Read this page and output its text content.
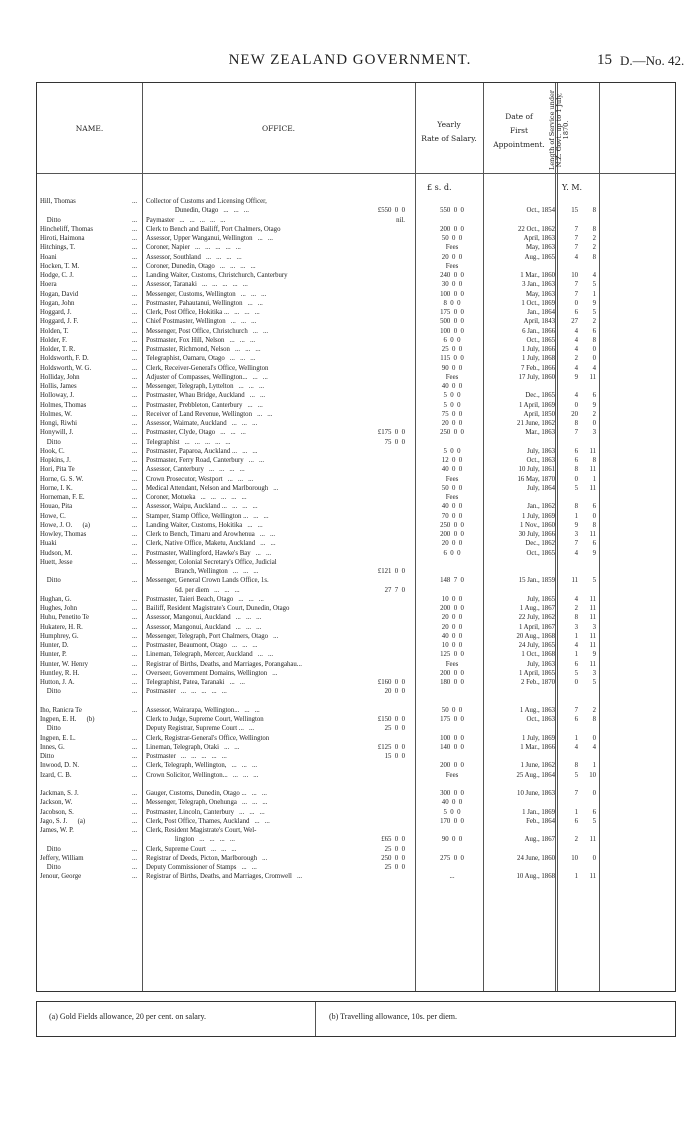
NEW ZEALAND GOVERNMENT.	15 D.—No. 42.
NAME.	OFFICE.	Yearly
Rate of Salary.
Date of
First
Appointment. Length of Service under N.Z. Govt. up to 1 July, 1870.
£ s. d.	Y. M.
Hill, Thomas	... Collector of Customs and Licensing Officer,
Dunedin, Otago   ...   ...   ...	£550  0  0	550  0  0	Oct., 1854	15	8
Ditto	... Paymaster   ...   ...   ...   ...   ...	nil.
Hincheliff, Thomas	... Clerk to Bench and Bailiff, Port Chalmers, Otago	200  0  0	22 Oct., 1862	7	8
Hiroti, Haimona	... Assessor, Upper Wanganui, Wellington   ...   ...	50  0  0	April, 1863	7	2
Hitchings, T.	... Coroner, Napier   ...   ...   ...   ...   ...	Fees	May, 1863	7	2
Hoani	... Assessor, Southland   ...   ...   ...   ...	20  0  0	Aug., 1865	4	8
Hocken, T. M.	... Coroner, Dunedin, Otago   ...   ...   ...   ...	Fees
Hodge, C. J.	... Landing Waiter, Customs, Christchurch, Canterbury	240  0  0	1 Mar., 1860	10	4
Hoera	... Assessor, Taranaki   ...   ...   ...   ...   ...	30  0  0	3 Jan., 1863	7	5
Hogan, David	... Messenger, Customs, Wellington   ...   ...   ...	100  0  0	May, 1863	7	1
Hogan, John	... Postmaster, Pahautanui, Wellington   ...   ...	8  0  0	1 Oct., 1869	0	9
Hoggard, J.	... Clerk, Post Office, Hokitika ...   ...   ...   ...	175  0  0	Jan., 1864	6	5
Hoggard, J. F.	... Chief Postmaster, Wellington   ...   ...   ...	500  0  0	April, 1843	27	2
Holden, T.	... Messenger, Post Office, Christchurch   ...   ...	100  0  0	6 Jan., 1866	4	6
Holder, F.	... Postmaster, Fox Hill, Nelson   ...   ...   ...	6  0  0	Oct., 1865	4	8
Holder, T. R.	... Postmaster, Richmond, Nelson   ...   ...   ...	25  0  0	1 July, 1866	4	0
Holdsworth, F. D.	... Telegraphist, Oamaru, Otago   ...   ...   ...	115  0  0	1 July, 1868	2	0
Holdsworth, W. G.	... Clerk, Receiver-General's Office, Wellington	90  0  0	7 Feb., 1866	4	4
Holliday, John	... Adjuster of Compasses, Wellington...   ...   ...	Fees	17 July, 1860	9	11
Hollis, James	... Messenger, Telegraph, Lyttelton   ...   ...   ...	40  0  0
Holloway, J.	... Postmaster, Whau Bridge, Auckland   ...   ...	5  0  0	Dec., 1865	4	6
Holmes, Thomas	... Postmaster, Prebbleton, Canterbury   ...   ...	5  0  0	1 April, 1869	0	9
Holmes, W.	... Receiver of Land Revenue, Wellington   ...   ...	75  0  0	April, 1850	20	2
Hongi, Riwhi	... Assessor, Waimate, Auckland   ...   ...   ...	20  0  0	21 June, 1862	8	0
Honywill, J.	... Postmaster, Clyde, Otago   ...   ...   ...	£175  0  0	250  0  0	Mar., 1863	7	3
Ditto	... Telegraphist   ...   ...   ...   ...   ...	75  0  0
Hook, C.	... Postmaster, Paparoa, Auckland ...   ...   ...	5  0  0	July, 1863	6	11
Hopkins, J.	... Postmaster, Ferry Road, Canterbury   ...   ...	12  0  0	Oct., 1863	6	8
Hori, Pita Te	... Assessor, Canterbury   ...   ...   ...   ...	40  0  0	10 July, 1861	8	11
Horne, G. S. W.	... Crown Prosecutor, Westport   ...   ...   ...	Fees	16 May, 1870	0	1
Horne, I. K.	... Medical Attendant, Nelson and Marlborough   ...	50  0  0	July, 1864	5	11
Horneman, F. E.	... Coroner, Motueka   ...   ...   ...   ...   ...	Fees
Houao, Pita	... Assessor, Waipu, Auckland ...   ...   ...   ...	40  0  0	Jan., 1862	8	6
Howe, C.	... Stamper, Stamp Office, Wellington ...   ...   ...	70  0  0	1 July, 1869	1	0
Howe, J. O.      (a)	... Landing Waiter, Customs, Hokitika   ...   ...	250  0  0	1 Nov., 1860	9	8
Howley, Thomas	... Clerk to Bench, Timaru and Arowhenua   ...   ...	200  0  0	30 July, 1866	3	11
Huaki	... Clerk, Native Office, Maketu, Auckland   ...   ...	20  0  0	Dec., 1862	7	6
Hudson, M.	... Postmaster, Wallingford, Hawke's Bay   ...   ...	6  0  0	Oct., 1865	4	9
Huett, Jesse	... Messenger, Colonial Secretary's Office, Judicial
Branch, Wellington   ...   ...   ...	£121  0  0
Ditto	... Messenger, General Crown Lands Office, 1s.	148  7  0	15 Jan., 1859	11	5
6d. per diem   ...   ...   ...	27  7  0
Hughan, G.	... Postmaster, Taieri Beach, Otago   ...   ...   ...	10  0  0	July, 1865	4	11
Hughes, John	... Bailiff, Resident Magistrate's Court, Dunedin, Otago	200  0  0	1 Aug., 1867	2	11
Huhu, Penetito Te	... Assessor, Mangonui, Auckland   ...   ...   ...	20  0  0	22 July, 1862	8	11
Hukatere, H. R.	... Assessor, Mangonui, Auckland   ...   ...   ...	20  0  0	1 April, 1867	3	3
Humphrey, G.	... Messenger, Telegraph, Port Chalmers, Otago   ...	40  0  0	20 Aug., 1868	1	11
Hunter, D.	... Postmaster, Beaumont, Otago   ...   ...   ...	10  0  0	24 July, 1865	4	11
Hunter, P.	... Lineman, Telegraph, Mercer, Auckland   ...   ...	125  0  0	1 Oct., 1868	1	9
Hunter, W. Henry	... Registrar of Births, Deaths, and Marriages, Porangahau...	Fees	July, 1863	6	11
Huntley, R. H.	... Overseer, Government Domains, Wellington   ...	200  0  0	1 April, 1865	5	3
Hutton, J. A.	... Telegraphist, Patea, Taranaki   ...   ...	£160  0  0	180  0  0	2 Feb., 1870	0	5
Ditto	... Postmaster   ...   ...   ...   ...   ...	20  0  0
Iho, Ranicra Te	... Assessor, Wairarapa, Wellington...   ...   ...	50  0  0	1 Aug., 1863	7	2
Ingpen, E. H.      (b)	Clerk to Judge, Supreme Court, Wellington	£150  0  0	175  0  0	Oct., 1863	6	8
Ditto	Deputy Registrar, Supreme Court ...   ...	25  0  0
Ingpen, E. L.	... Clerk, Registrar-General's Office, Wellington	100  0  0	1 July, 1869	1	0
Innes, G.	... Lineman, Telegraph, Otaki   ...   ...	£125  0  0	140  0  0	1 Mar., 1866	4	4
Ditto	... Postmaster   ...   ...   ...   ...   ...	15  0  0
Inwood, D. N.	... Clerk, Telegraph, Wellington,   ...   ...   ...	200  0  0	1 June, 1862	8	1
Izard, C. B.	... Crown Solicitor, Wellington...   ...   ...   ...	Fees	25 Aug., 1864	5	10
Jackman, S. J.	... Gauger, Customs, Dunedin, Otago ...   ...   ...	300  0  0	10 June, 1863	7	0
Jackson, W.	... Messenger, Telegraph, Onehunga   ...   ...   ...	40  0  0
Jacobson, S.	... Postmaster, Lincoln, Canterbury   ...   ...   ...	5  0  0	1 Jan., 1869	1	6
Jago, S. J.      (a)	... Clerk, Post Office, Thames, Auckland   ...   ...	170  0  0	Feb., 1864	6	5
James, W. P.	... Clerk, Resident Magistrate's Court, Wel-
lington   ...   ...   ...   ...	£65  0  0	90  0  0	Aug., 1867	2	11
Ditto	... Clerk, Supreme Court   ...   ...   ...	25  0  0
Jeffery, William	... Registrar of Deeds, Picton, Marlborough   ...	250  0  0	275  0  0	24 June, 1860	10	0
Ditto	... Deputy Commissioner of Stamps   ...   ...	25  0  0
Jenour, George	... Registrar of Births, Deaths, and Marriages, Cromwell   ...	...	10 Aug., 1868	1	11
(a) Gold Fields allowance, 20 per cent. on salary.	(b) Travelling allowance, 10s. per diem.
